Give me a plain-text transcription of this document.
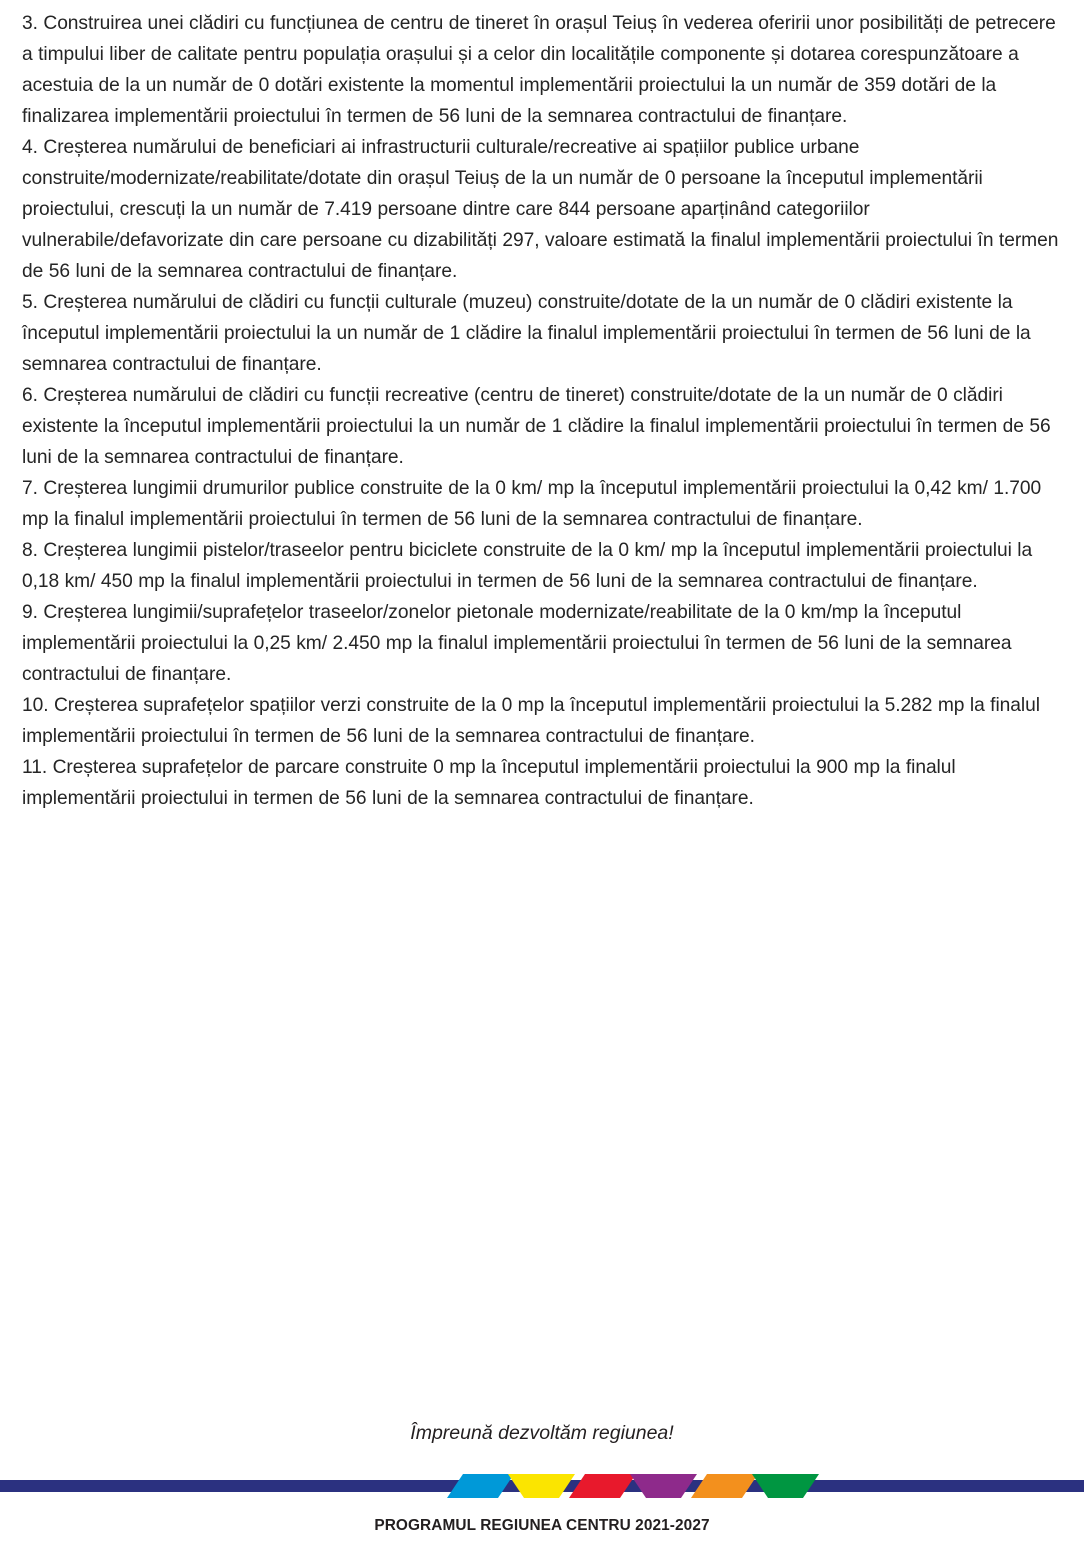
3. Construirea unei clădiri cu funcțiunea de centru de tineret în orașul Teiuș în vederea oferirii unor posibilități de petrecere a timpului liber de calitate pentru populația orașului și a celor din localitățile componente și dotarea corespunzătoare a acestuia de la un număr de 0 dotări existente la momentul implementării proiectului la un număr de 359 dotări de la finalizarea implementării proiectului în termen de 56 luni de la semnarea contractului de finanțare.

4. Creșterea numărului de beneficiari ai infrastructurii culturale/recreative ai spațiilor publice urbane construite/modernizate/reabilitate/dotate din orașul Teiuș de la un număr de 0 persoane la începutul implementării proiectului, crescuți la un număr de 7.419 persoane dintre care 844 persoane aparținând categoriilor vulnerabile/defavorizate din care persoane cu dizabilități 297, valoare estimată la finalul implementării proiectului în termen de 56 luni de la semnarea contractului de finanțare.

5. Creșterea numărului de clădiri cu funcții culturale (muzeu) construite/dotate de la un număr de 0 clădiri existente la începutul implementării proiectului la un număr de 1 clădire la finalul implementării proiectului în termen de 56 luni de la semnarea contractului de finanțare.

6. Creșterea numărului de clădiri cu funcții recreative (centru de tineret) construite/dotate de la un număr de 0 clădiri existente la începutul implementării proiectului la un număr de 1 clădire la finalul implementării proiectului în termen de 56 luni de la semnarea contractului de finanțare.

7. Creșterea lungimii drumurilor publice construite de la 0 km/ mp la începutul implementării proiectului la 0,42 km/ 1.700 mp la finalul implementării proiectului în termen de 56 luni de la semnarea contractului de finanțare.

8. Creșterea lungimii pistelor/traseelor pentru biciclete construite de la 0 km/ mp la începutul implementării proiectului la 0,18 km/ 450 mp la finalul implementării proiectului in termen de 56 luni de la semnarea contractului de finanțare.

9. Creșterea lungimii/suprafețelor traseelor/zonelor pietonale modernizate/reabilitate de la 0 km/mp la începutul implementării proiectului la 0,25 km/ 2.450 mp la finalul implementării proiectului în termen de 56 luni de la semnarea contractului de finanțare.

10. Creșterea suprafețelor spațiilor verzi construite de la 0 mp la începutul implementării proiectului la 5.282 mp la finalul implementării proiectului în termen de 56 luni de la semnarea contractului de finanțare.

11. Creșterea suprafețelor de parcare construite 0 mp la începutul implementării proiectului la 900 mp la finalul implementării proiectului in termen de 56 luni de la semnarea contractului de finanțare.

Împreună dezvoltăm regiunea!
PROGRAMUL REGIUNEA CENTRU 2021-2027
